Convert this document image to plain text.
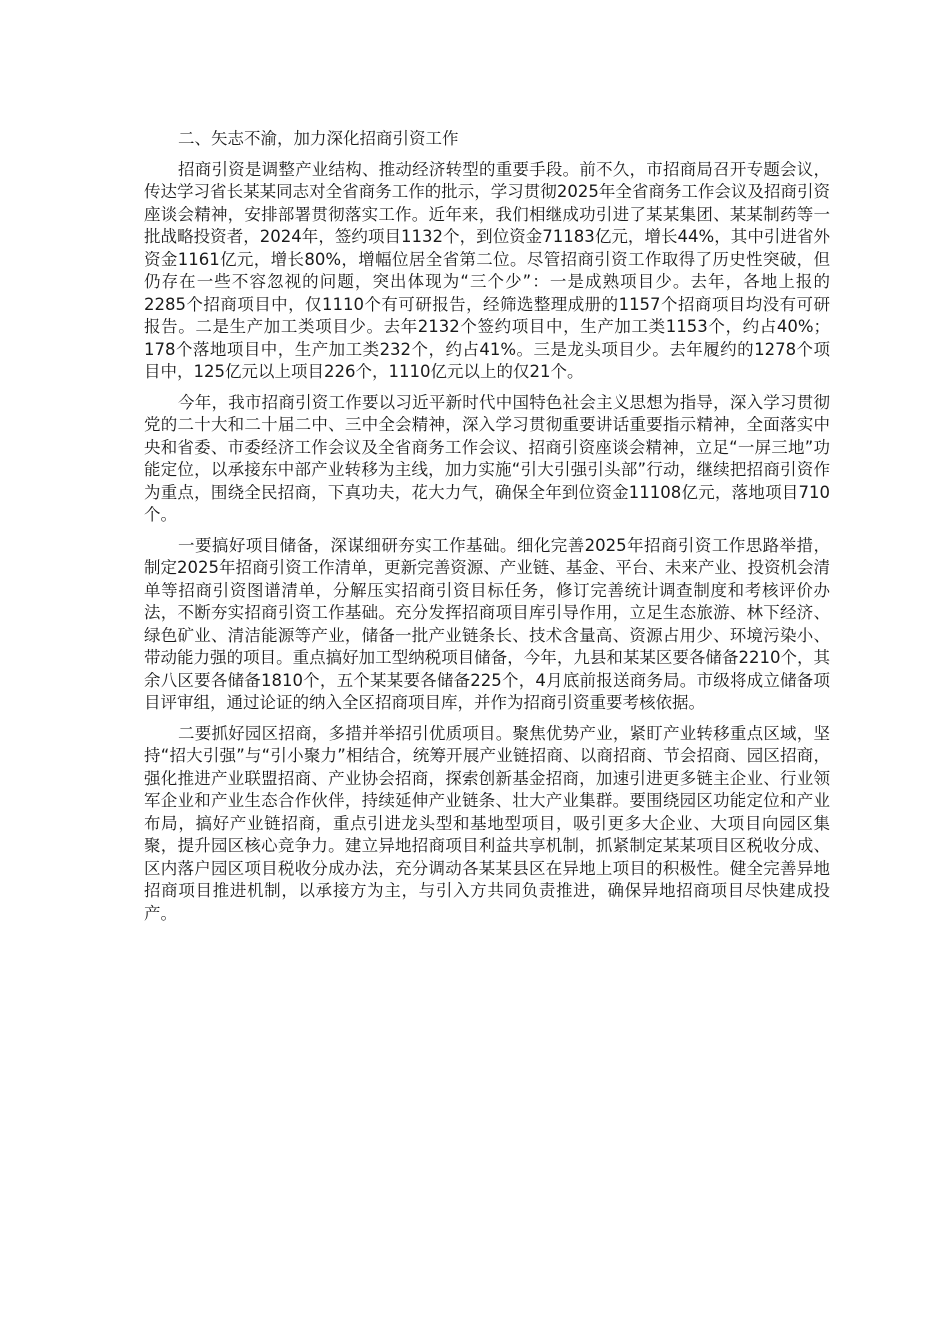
二、矢志不渝，加力深化招商引资工作

招商引资是调整产业结构、推动经济转型的重要手段。前不久，市招商局召开专题会议，传达学习省长某某同志对全省商务工作的批示，学习贯彻2025年全省商务工作会议及招商引资座谈会精神，安排部署贯彻落实工作。近年来，我们相继成功引进了某某集团、某某制药等一批战略投资者，2024年，签约项目1132个，到位资金71183亿元，增长44%，其中引进省外资金1161亿元，增长80%，增幅位居全省第二位。尽管招商引资工作取得了历史性突破，但仍存在一些不容忽视的问题，突出体现为“三个少”：一是成熟项目少。去年，各地上报的2285个招商项目中，仅1110个有可研报告，经筛选整理成册的1157个招商项目均没有可研报告。二是生产加工类项目少。去年2132个签约项目中，生产加工类1153个，约占40%；178个落地项目中，生产加工类232个，约占41%。三是龙头项目少。去年履约的1278个项目中，125亿元以上项目226个，1110亿元以上的仅21个。

今年，我市招商引资工作要以习近平新时代中国特色社会主义思想为指导，深入学习贯彻党的二十大和二十届二中、三中全会精神，深入学习贯彻重要讲话重要指示精神，全面落实中央和省委、市委经济工作会议及全省商务工作会议、招商引资座谈会精神，立足“一屏三地”功能定位，以承接东中部产业转移为主线，加力实施“引大引强引头部”行动，继续把招商引资作为重点，围绕全民招商，下真功夫，花大力气，确保全年到位资金11108亿元，落地项目710个。

一要搞好项目储备，深谋细研夯实工作基础。细化完善2025年招商引资工作思路举措，制定2025年招商引资工作清单，更新完善资源、产业链、基金、平台、未来产业、投资机会清单等招商引资图谱清单，分解压实招商引资目标任务，修订完善统计调查制度和考核评价办法，不断夯实招商引资工作基础。充分发挥招商项目库引导作用，立足生态旅游、林下经济、绿色矿业、清洁能源等产业，储备一批产业链条长、技术含量高、资源占用少、环境污染小、带动能力强的项目。重点搞好加工型纳税项目储备，今年，九县和某某区要各储备2210个，其余八区要各储备1810个，五个某某要各储备225个，4月底前报送商务局。市级将成立储备项目评审组，通过论证的纳入全区招商项目库，并作为招商引资重要考核依据。

二要抓好园区招商，多措并举招引优质项目。聚焦优势产业，紧盯产业转移重点区域，坚持“招大引强”与“引小聚力”相结合，统筹开展产业链招商、以商招商、节会招商、园区招商，强化推进产业联盟招商、产业协会招商，探索创新基金招商，加速引进更多链主企业、行业领军企业和产业生态合作伙伴，持续延伸产业链条、壮大产业集群。要围绕园区功能定位和产业布局，搞好产业链招商，重点引进龙头型和基地型项目，吸引更多大企业、大项目向园区集聚，提升园区核心竞争力。建立异地招商项目利益共享机制，抓紧制定某某项目区税收分成、区内落户园区项目税收分成办法，充分调动各某某县区在异地上项目的积极性。健全完善异地招商项目推进机制，以承接方为主，与引入方共同负责推进，确保异地招商项目尽快建成投产。
